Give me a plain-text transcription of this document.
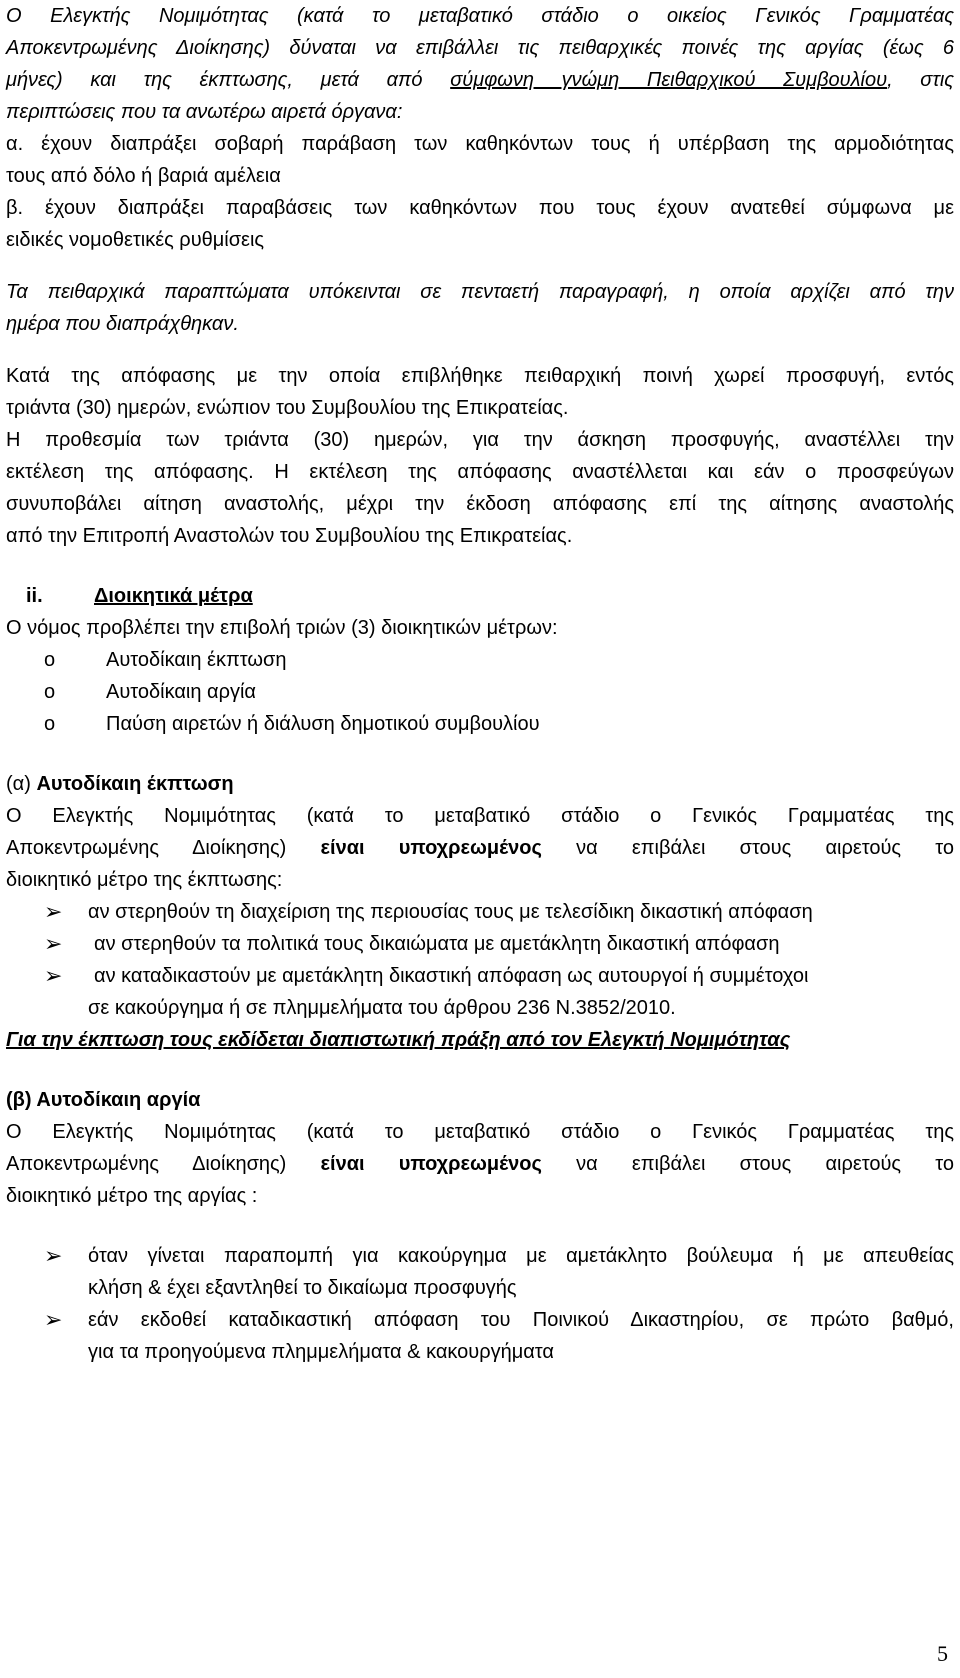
Ο Ελεγκτής Νομιμότητας (κατά το μεταβατικό στάδιο ο οικείος Γενικός Γραμματέας

Αποκεντρωμένης Διοίκησης) δύναται να επιβάλλει τις πειθαρχικές ποινές της αργίας (έως 6

μήνες) και της έκπτωσης, μετά από σύμφωνη γνώμη Πειθαρχικού Συμβουλίου, στις

περιπτώσεις που τα ανωτέρω αιρετά όργανα:

α. έχουν διαπράξει σοβαρή παράβαση των καθηκόντων τους ή υπέρβαση της αρμοδιότητας

τους από δόλο ή βαριά αμέλεια

β. έχουν διαπράξει παραβάσεις των καθηκόντων που τους έχουν ανατεθεί σύμφωνα με

ειδικές νομοθετικές ρυθμίσεις

Τα πειθαρχικά παραπτώματα υπόκεινται σε πενταετή παραγραφή, η οποία αρχίζει από την

ημέρα που διαπράχθηκαν.

Κατά της απόφασης με την οποία επιβλήθηκε πειθαρχική ποινή χωρεί προσφυγή, εντός

τριάντα (30) ημερών, ενώπιον του Συμβουλίου της Επικρατείας.

Η προθεσμία των τριάντα (30) ημερών, για την άσκηση προσφυγής, αναστέλλει την

εκτέλεση της απόφασης. Η εκτέλεση της απόφασης αναστέλλεται και εάν ο προσφεύγων

συνυποβάλει αίτηση αναστολής, μέχρι την έκδοση απόφασης επί της αίτησης αναστολής

από την Επιτροπή Αναστολών του Συμβουλίου της Επικρατείας.

ii.	Διοικητικά μέτρα

Ο νόμος προβλέπει την επιβολή τριών (3) διοικητικών μέτρων:

o	Αυτοδίκαιη έκπτωση
o	Αυτοδίκαιη αργία
o	Παύση αιρετών ή διάλυση δημοτικού συμβουλίου

(α) Αυτοδίκαιη έκπτωση

Ο Ελεγκτής Νομιμότητας (κατά το μεταβατικό στάδιο ο Γενικός Γραμματέας της

Αποκεντρωμένης Διοίκησης) είναι υποχρεωμένος να επιβάλει στους αιρετούς το

διοικητικό μέτρο της έκπτωσης:

➢ αν στερηθούν τη διαχείριση της περιουσίας τους με τελεσίδικη δικαστική απόφαση
➢ αν στερηθούν τα πολιτικά τους δικαιώματα με αμετάκλητη δικαστική απόφαση
➢ αν καταδικαστούν με αμετάκλητη δικαστική απόφαση ως αυτουργοί ή συμμέτοχοι

σε κακούργημα ή σε πλημμελήματα του άρθρου 236 Ν.3852/2010.

Για την έκπτωση τους εκδίδεται διαπιστωτική πράξη από τον Ελεγκτή Νομιμότητας

(β) Αυτοδίκαιη αργία

Ο Ελεγκτής Νομιμότητας (κατά το μεταβατικό στάδιο ο Γενικός Γραμματέας της

Αποκεντρωμένης Διοίκησης) είναι υποχρεωμένος να επιβάλει στους αιρετούς το

διοικητικό μέτρο της αργίας :

➢ όταν γίνεται παραπομπή για κακούργημα με αμετάκλητο βούλευμα ή με απευθείας

κλήση & έχει εξαντληθεί το δικαίωμα προσφυγής

➢ εάν εκδοθεί καταδικαστική απόφαση του Ποινικού Δικαστηρίου, σε πρώτο βαθμό,

για τα προηγούμενα πλημμελήματα & κακουργήματα

5
